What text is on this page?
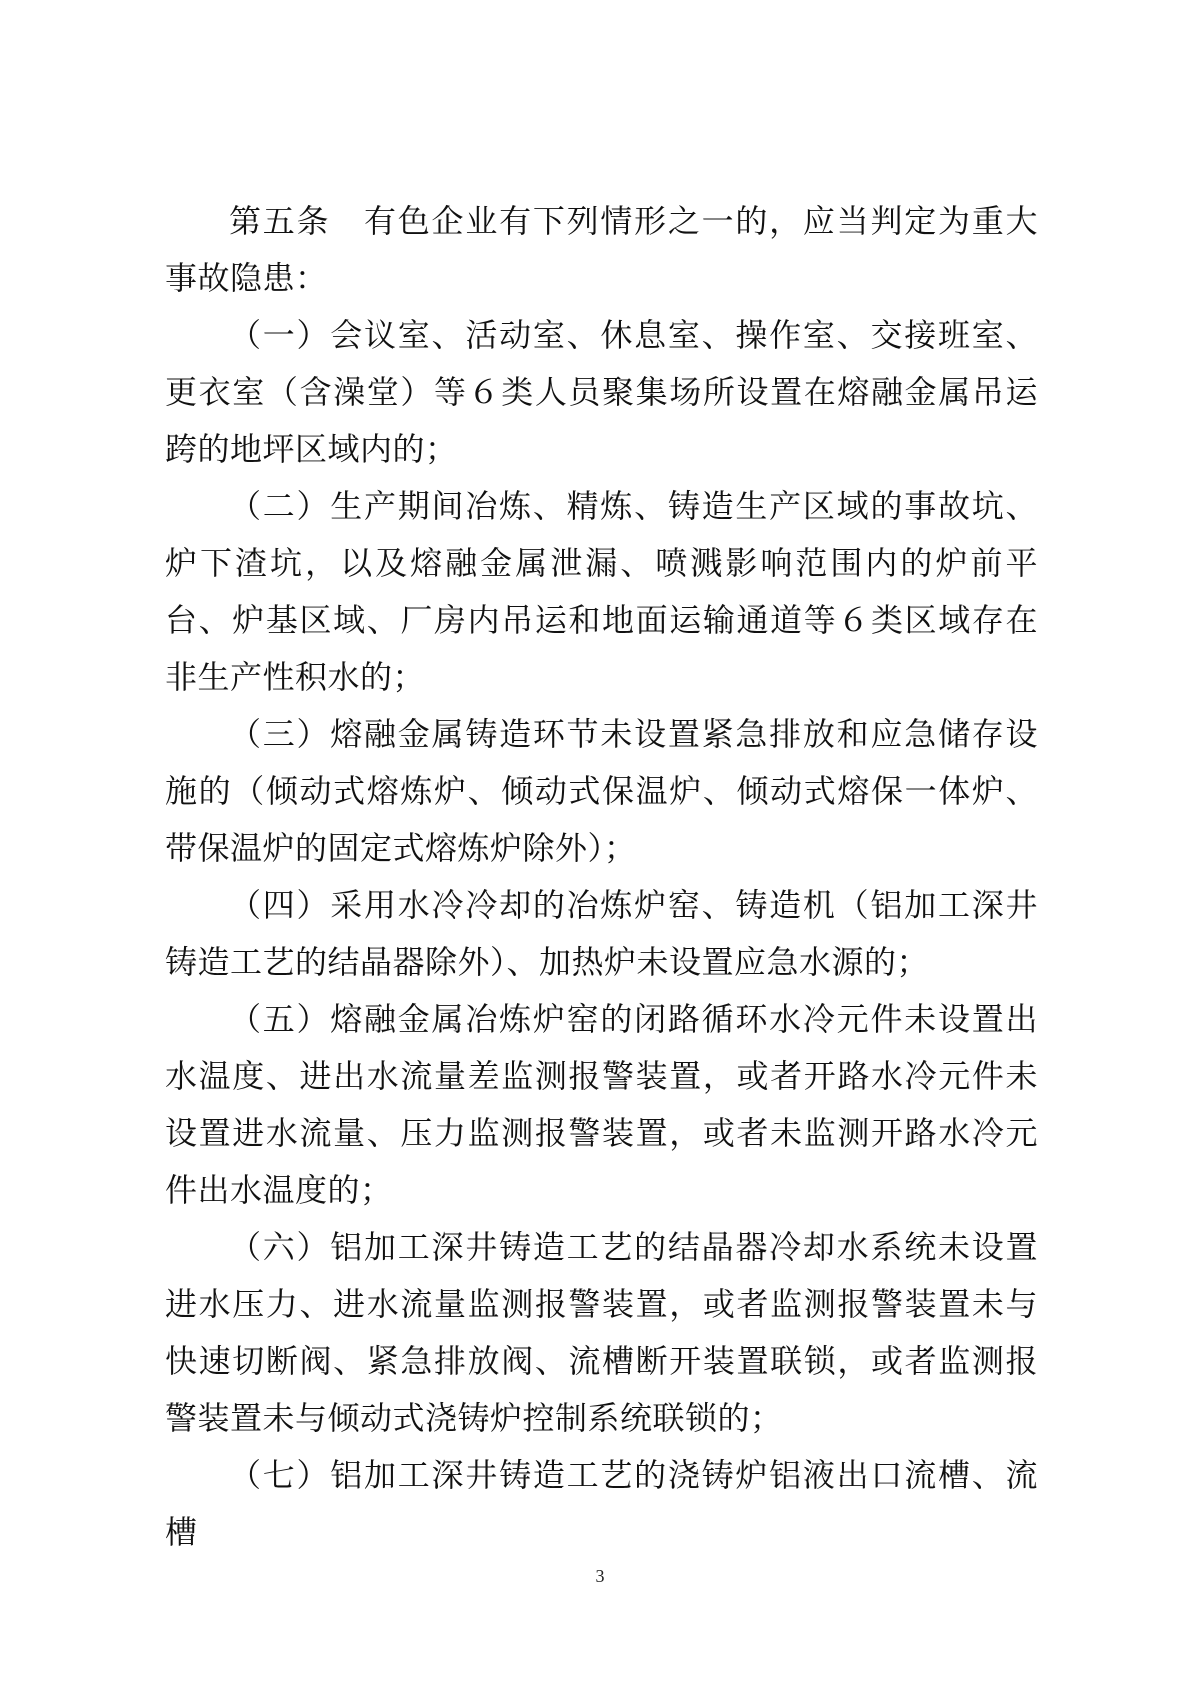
第五条　有色企业有下列情形之一的，应当判定为重大事故隐患：

（一）会议室、活动室、休息室、操作室、交接班室、更衣室（含澡堂）等６类人员聚集场所设置在熔融金属吊运跨的地坪区域内的；

（二）生产期间冶炼、精炼、铸造生产区域的事故坑、炉下渣坑，以及熔融金属泄漏、喷溅影响范围内的炉前平台、炉基区域、厂房内吊运和地面运输通道等６类区域存在非生产性积水的；

（三）熔融金属铸造环节未设置紧急排放和应急储存设施的（倾动式熔炼炉、倾动式保温炉、倾动式熔保一体炉、带保温炉的固定式熔炼炉除外）；

（四）采用水冷冷却的冶炼炉窑、铸造机（铝加工深井铸造工艺的结晶器除外）、加热炉未设置应急水源的；

（五）熔融金属冶炼炉窑的闭路循环水冷元件未设置出水温度、进出水流量差监测报警装置，或者开路水冷元件未设置进水流量、压力监测报警装置，或者未监测开路水冷元件出水温度的；

（六）铝加工深井铸造工艺的结晶器冷却水系统未设置进水压力、进水流量监测报警装置，或者监测报警装置未与快速切断阀、紧急排放阀、流槽断开装置联锁，或者监测报警装置未与倾动式浇铸炉控制系统联锁的；

（七）铝加工深井铸造工艺的浇铸炉铝液出口流槽、流槽

3
